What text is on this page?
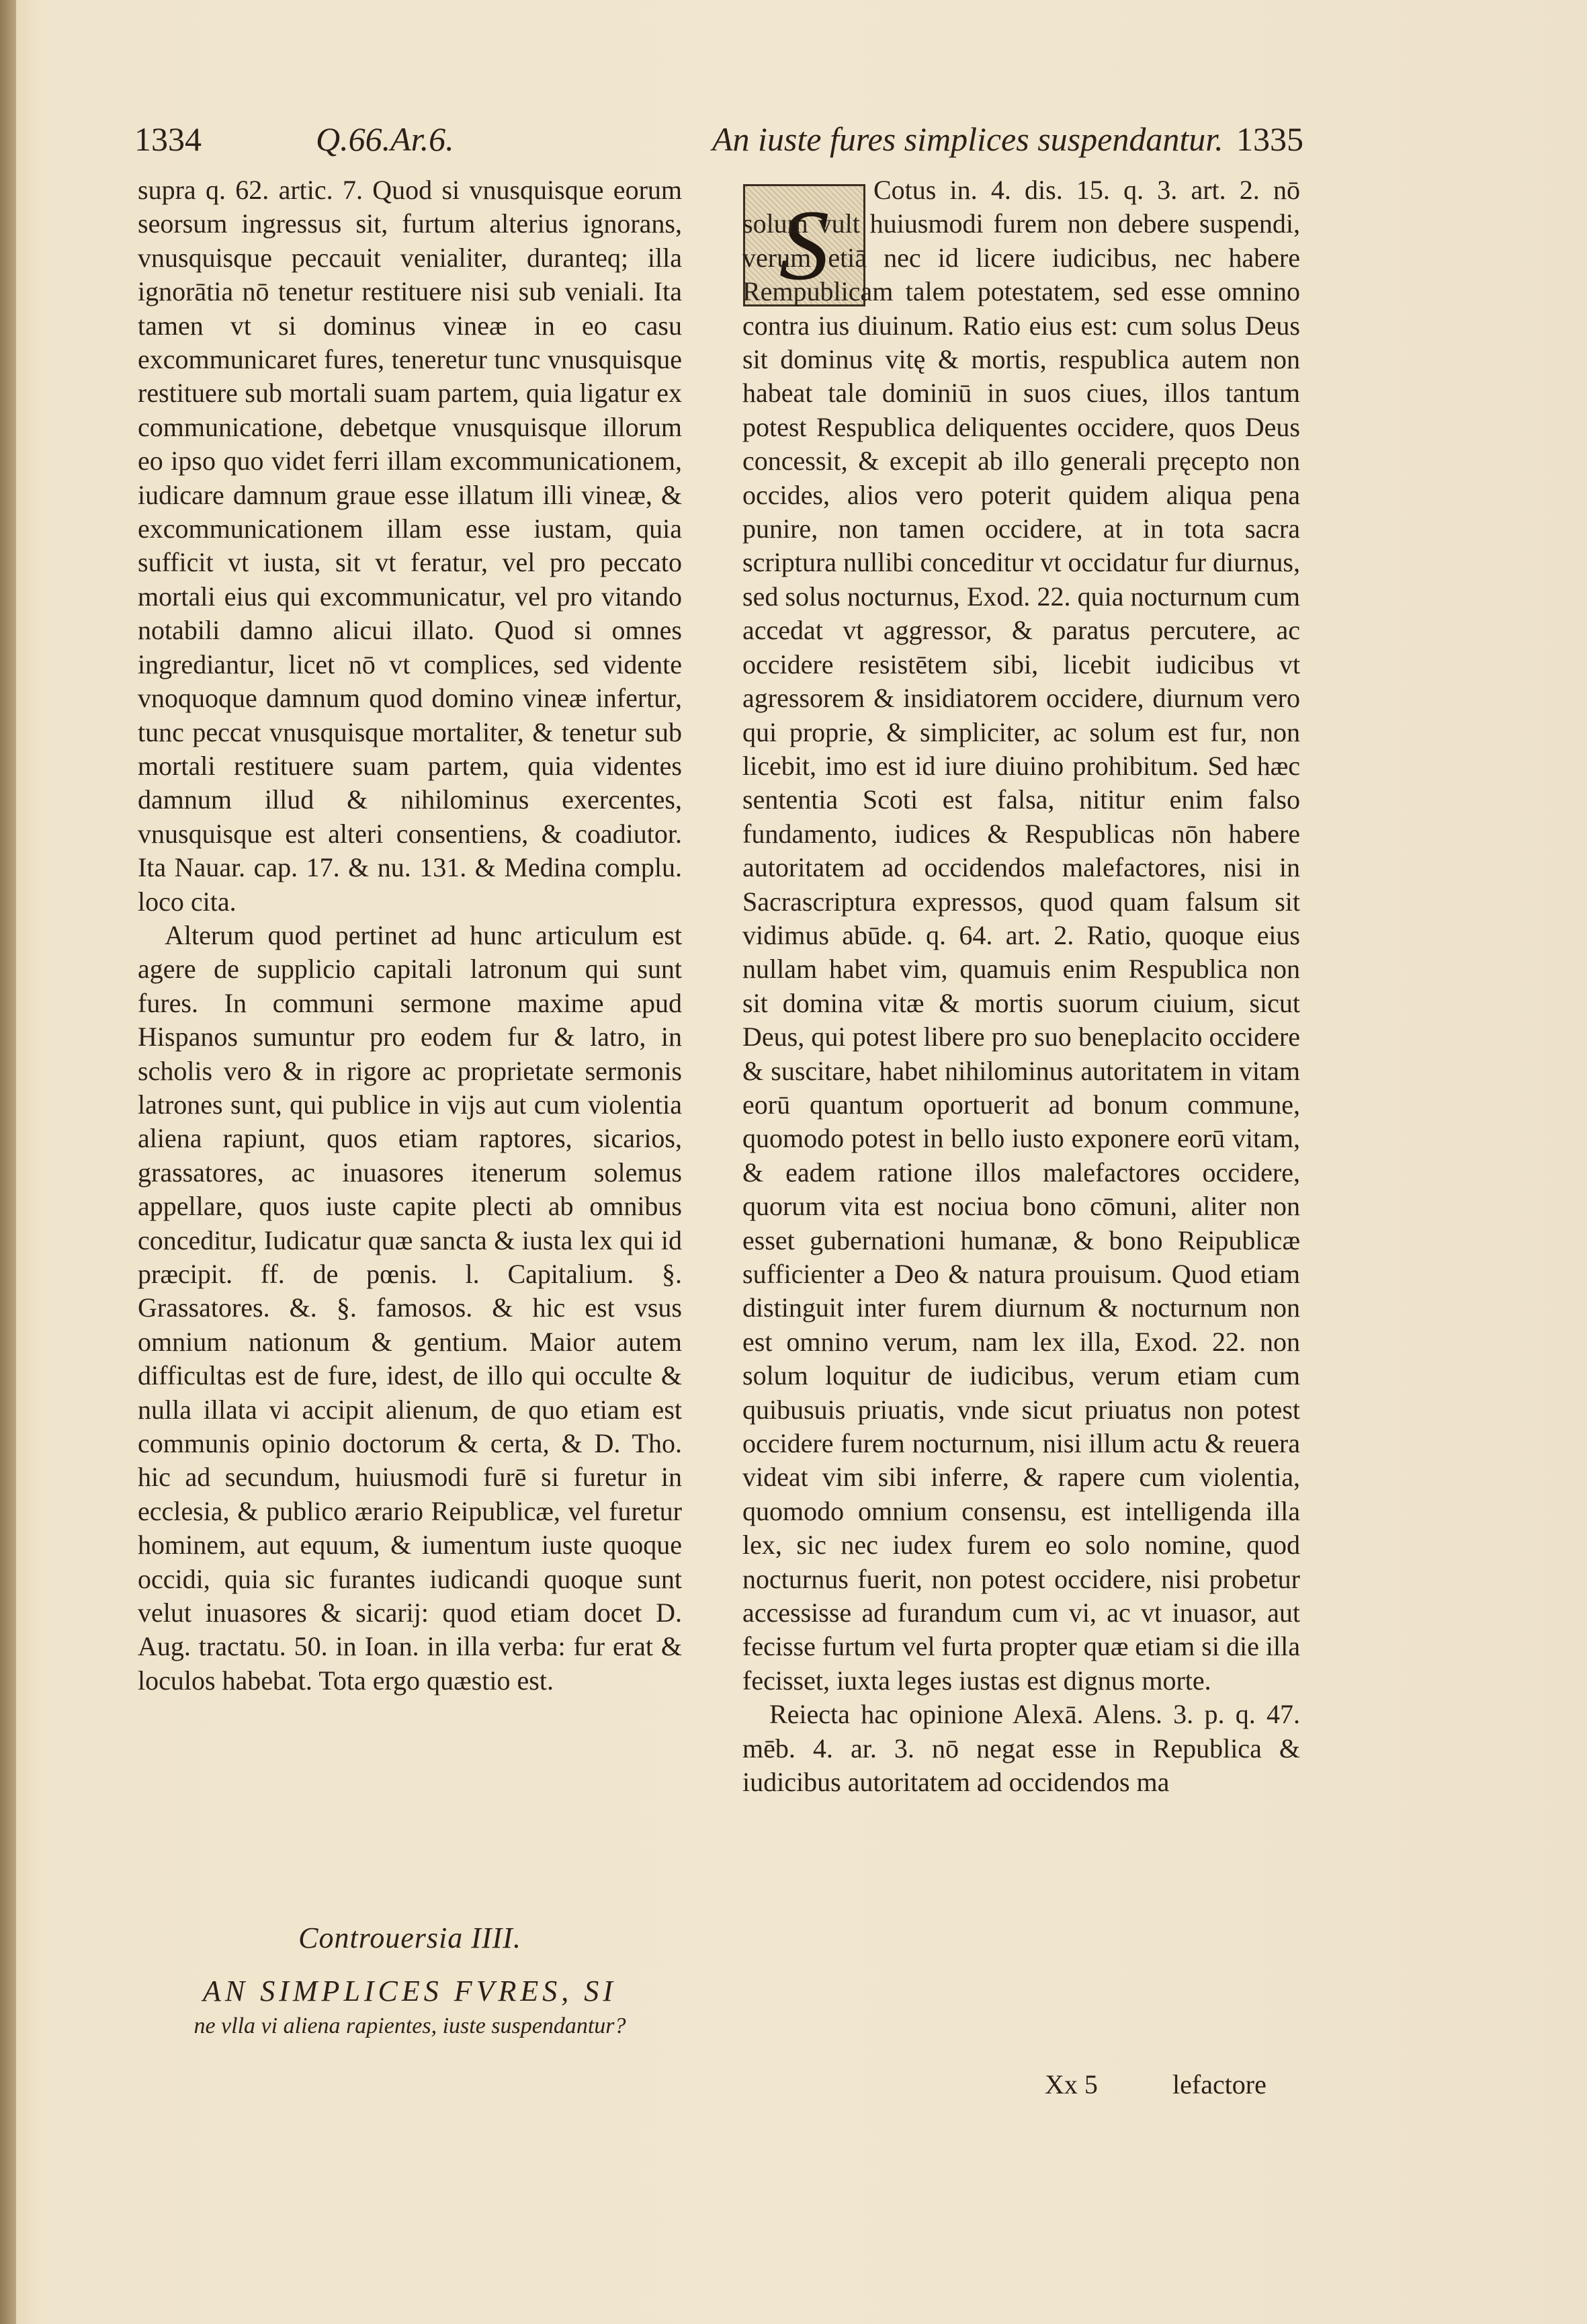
1334	Q.66.Ar.6.	An iuste fures simplices suspendantur. 1335

supra q. 62. artic. 7. Quod si vnusquisque eorum seorsum ingressus sit, furtum alterius ignorans, vnusquisque peccauit venialiter, duranteq; illa ignorātia nō tenetur restituere nisi sub veniali. Ita tamen vt si dominus vineæ in eo casu excommunicaret fures, teneretur tunc vnusquisque restituere sub mortali suam partem, quia ligatur ex communicatione, debetque vnusquisque illorum eo ipso quo videt ferri illam excommunicationem, iudicare damnum graue esse illatum illi vineæ, & excommunicationem illam esse iustam, quia sufficit vt iusta, sit vt feratur, vel pro peccato mortali eius qui excommunicatur, vel pro vitando notabili damno alicui illato. Quod si omnes ingrediantur, licet nō vt complices, sed vidente vnoquoque damnum quod domino vineæ infertur, tunc peccat vnusquisque mortaliter, & tenetur sub mortali restituere suam partem, quia videntes damnum illud & nihilominus exercentes, vnusquisque est alteri consentiens, & coadiutor. Ita Nauar. cap. 17. & nu. 131. & Medina complu. loco cita.

Alterum quod pertinet ad hunc articulum est agere de supplicio capitali latronum qui sunt fures. In communi sermone maxime apud Hispanos sumuntur pro eodem fur & latro, in scholis vero & in rigore ac proprietate sermonis latrones sunt, qui publice in vijs aut cum violentia aliena rapiunt, quos etiam raptores, sicarios, grassatores, ac inuasores itenerum solemus appellare, quos iuste capite plecti ab omnibus conceditur, Iudicatur quæ sancta & iusta lex qui id præcipit. ff. de pœnis. l. Capitalium. §. Grassatores. &. §. famosos. & hic est vsus omnium nationum & gentium. Maior autem difficultas est de fure, idest, de illo qui occulte & nulla illata vi accipit alienum, de quo etiam est communis opinio doctorum & certa, & D. Tho. hic ad secundum, huiusmodi furē si furetur in ecclesia, & publico ærario Reipublicæ, vel furetur hominem, aut equum, & iumentum iuste quoque occidi, quia sic furantes iudicandi quoque sunt velut inuasores & sicarij: quod etiam docet D. Aug. tractatu. 50. in Ioan. in illa verba: fur erat & loculos habebat. Tota ergo quæstio est.

Controuersia IIII.
AN SIMPLICES FVRES, SI
ne vlla vi aliena rapientes, iuste suspendantur?
S	Cotus in. 4. dis. 15. q. 3. art. 2. nō solum vult huiusmodi furem non debere suspendi, verum etiā nec id licere iudicibus, nec habere Rempublicam talem potestatem, sed esse omnino contra ius diuinum. Ratio eius est: cum solus Deus sit dominus vitę & mortis, respublica autem non habeat tale dominiū in suos ciues, illos tantum potest Respublica deliquentes occidere, quos Deus concessit, & excepit ab illo generali pręcepto non occides, alios vero poterit quidem aliqua pena punire, non tamen occidere, at in tota sacra scriptura nullibi conceditur vt occidatur fur diurnus, sed solus nocturnus, Exod. 22. quia nocturnum cum accedat vt aggressor, & paratus percutere, ac occidere resistētem sibi, licebit iudicibus vt agressorem & insidiatorem occidere, diurnum vero qui proprie, & simpliciter, ac solum est fur, non licebit, imo est id iure diuino prohibitum. Sed hæc sententia Scoti est falsa, nititur enim falso fundamento, iudices & Respublicas nōn habere autoritatem ad occidendos malefactores, nisi in Sacrascriptura expressos, quod quam falsum sit vidimus abūde. q. 64. art. 2. Ratio, quoque eius nullam habet vim, quamuis enim Respublica non sit domina vitæ & mortis suorum ciuium, sicut Deus, qui potest libere pro suo beneplacito occidere & suscitare, habet nihilominus autoritatem in vitam eorū quantum oportuerit ad bonum commune, quomodo potest in bello iusto exponere eorū vitam, & eadem ratione illos malefactores occidere, quorum vita est nociua bono cōmuni, aliter non esset gubernationi humanæ, & bono Reipublicæ sufficienter a Deo & natura prouisum. Quod etiam distinguit inter furem diurnum & nocturnum non est omnino verum, nam lex illa, Exod. 22. non solum loquitur de iudicibus, verum etiam cum quibusuis priuatis, vnde sicut priuatus non potest occidere furem nocturnum, nisi illum actu & reuera videat vim sibi inferre, & rapere cum violentia, quomodo omnium consensu, est intelligenda illa lex, sic nec iudex furem eo solo nomine, quod nocturnus fuerit, non potest occidere, nisi probetur accessisse ad furandum cum vi, ac vt inuasor, aut fecisse furtum vel furta propter quæ etiam si die illa fecisset, iuxta leges iustas est dignus morte.

Reiecta hac opinione Alexā. Alens. 3. p. q. 47. mēb. 4. ar. 3. nō negat esse in Republica & iudicibus autoritatem ad occidendos ma

Xx 5	lefactore
